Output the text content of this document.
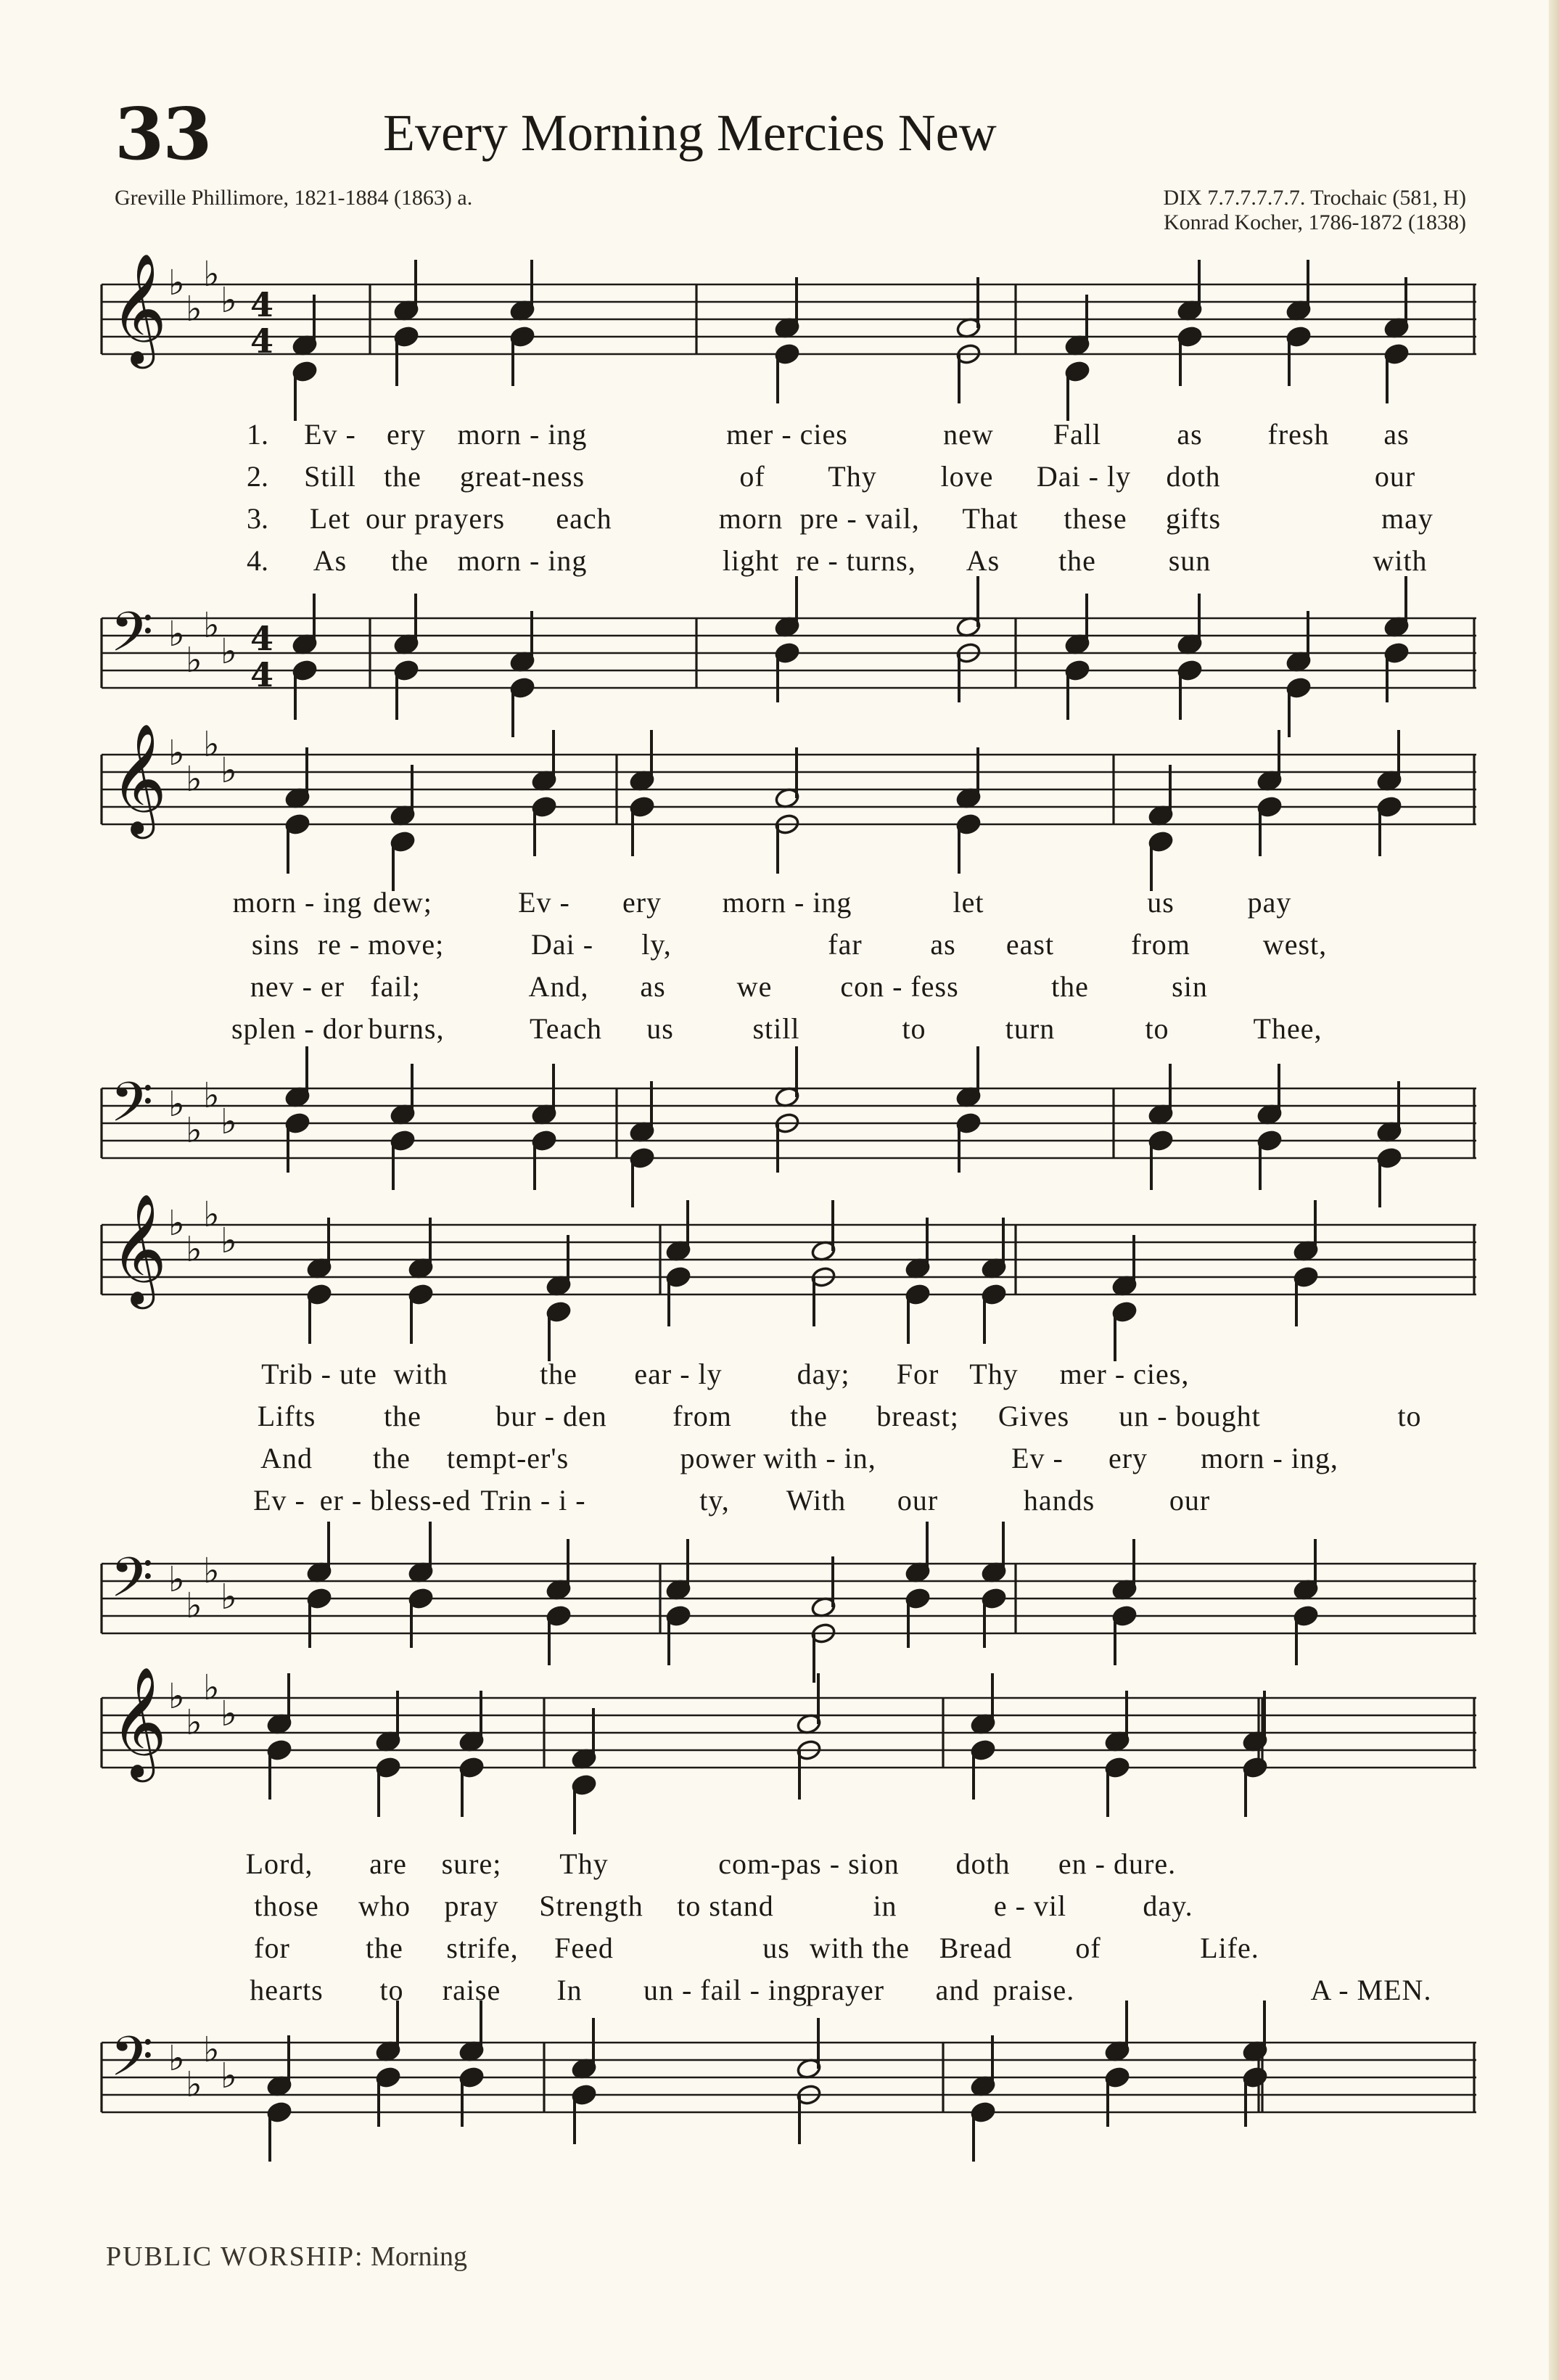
33	Every Morning Mercies New
Greville Phillimore, 1821-1884 (1863) a.	DIX 7.7.7.7.7.7. Trochaic (581, H)
Konrad Kocher, 1786-1872 (1838)
𝄞 ♭
♭
♭
♭ 4
4
𝄢 ♭
♭
♭
♭ 4
4
1. Ev - ery morn - ing	mer - cies	new Fall	as fresh as
2. Still the great-ness	of Thy love Dai - ly doth	our
3. Let our prayers each	morn pre - vail, That these gifts	may
4. As the morn - ing	light re - turns, As the sun	with
𝄞 ♭
♭
♭
♭
𝄢 ♭
♭
♭
♭
morn - ing dew;	Ev - ery morn - ing	let	us	pay
sins re - move;	Dai - ly,	far as east	from west,
nev - er fail;	And, as we con - fess	the	sin
splen - dor burns,	Teach us	still	to	turn	to	Thee,
𝄞 ♭
♭
♭
♭
𝄢 ♭
♭
♭
♭
Trib - ute with	the ear - ly	day; For Thy mer - cies,
Lifts the	bur - den from the breast; Gives un - bought	to
And the tempt-er's	power with - in,	Ev - ery morn - ing,
Ev - er - bless-ed Trin - i -	ty, With our	hands	our
𝄞 ♭
♭
♭
♭
𝄢 ♭
♭
♭
♭
Lord, are sure; Thy	com-pas - sion doth en - dure.
those who pray Strength to stand	in	e - vil	day.
for	the strife, Feed	us with the Bread of	Life.
hearts to raise In un - fail - ing
prayer and praise.	A - MEN.
PUBLIC WORSHIP: Morning
